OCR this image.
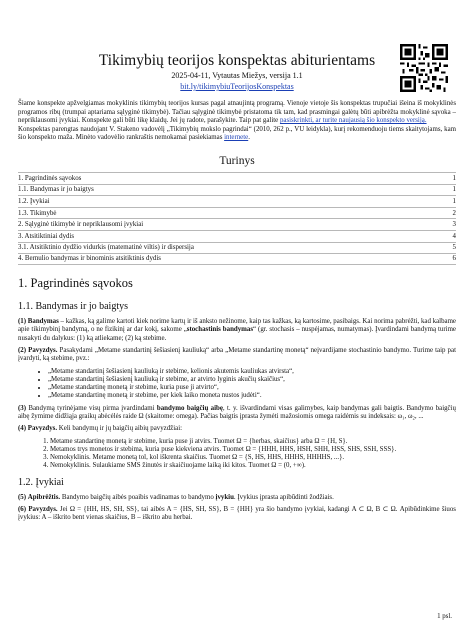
Tikimybių teorijos konspektas abiturientams
2025-04-11, Vytautas Miežys, versija 1.1
bit.ly/tikimybiuTeorijosKonspektas

Šiame konspekte apžvelgiamas mokyklinis tikimybių teorijos kursas pagal atnaujintą programą. Vienoje vietoje šis konspektas trupučiai išeina iš mokyklinės programos ribų (trumpai aptariama sąlyginė tikimybė). Tačiau sąlyginė tikimybė pristatoma tik tam, kad prasmingai galėtų būti apibrėžta mokyklinė sąvoka – nepriklausomi įvykiai. Konspekte gali būti likę klaidų. Jei jų radote, parašykite. Taip pat galite pasiskrinkti, ar turite naujausią šio konspekto versiją.

Konspektas parengtas naudojant V. Stakeno vadovėlį „Tikimybių mokslo pagrindai“ (2010, 262 p., VU leidykla), kurį rekomenduoju tiems skaitytojams, kam šio konspekto maža. Minėto vadovėlio rankraštis nemokamai pasiekiamas internete.

Turinys
1. Pagrindinės sąvokos	1
1.1. Bandymas ir jo baigtys	1
1.2. Įvykiai	1
1.3. Tikimybė	2
2. Sąlyginė tikimybė ir nepriklausomi įvykiai	3
3. Atsitiktiniai dydis	4
3.1. Atsitiktinio dydžio vidurkis (matematinė viltis) ir dispersija	5
4. Bernulio bandymas ir binominis atsitiktinis dydis	6
1. Pagrindinės sąvokos
1.1. Bandymas ir jo baigtys
(1) Bandymas – kažkas, ką galime kartoti kiek norime kartų ir iš anksto nežinome, kaip tas kažkas, ką kartosime, pasibaigs. Kai norima pabrėžti, kad kalbame apie tikimybinį bandymą, o ne fizikinį ar dar kokį, sakome „stochastinis bandymas“ (gr. stochasis – nuspėjamas, numatymas). Įvardindami bandymą turime nusakyti du dalykus: (1) ką atliekame; (2) ką stebime.
(2) Pavyzdys. Pasakydami „Metame standartinį šešiasienį kauliuką“ arba „Metame standartinę monetą“ neįvardijame stochastinio bandymo. Turime taip pat įvardyti, ką stebime, pvz.:
• „Metame standartinį šešiasienį kauliuką ir stebime, kelionis akutemis kauliukas atvirsta“,
• „Metame standartinį šešiasienį kauliuką ir stebime, ar atvirto lyginis akučių skaičius“,
• „Metame standartinę monetą ir stebime, kuria puse ji atvirto“,
• „Metame standartinę monetą ir stebime, per kiek laiko moneta nustos judėti“.
(3) Bandymą tyrinėjame visų pirma įvardindami bandymo baigčių aibę, t. y. išvardindami visas galimybes, kaip bandymas gali baigtis. Bandymo baigčių aibę žymime didžiąja graikų abėcėlės raide Ω (skaitome: omega). Pačias baigtis įprasta žymėti mažosiomis omega raidėmis su indeksais: ω₁, ω₂, ...
(4) Pavyzdys. Keli bandymų ir jų baigčių aibių pavyzdžiai:
1. Metame standartinę monetą ir stebime, kuria puse ji atvirs. Tuomet Ω = {herbas, skaičius} arba Ω = {H, S}.
2. Metamos trys monetos ir stebima, kuria puse kiekviena atvirs. Tuomet Ω = {HHH, HHS, HSH, SHH, HSS, SHS, SSH, SSS}.
3. Nemokyklinis. Metame monetą tol, kol iškrenta skaičius. Tuomet Ω = {S, HS, HHS, HHHS, HHHHS, ...}.
4. Nemokyklinis. Sulaukiame SMS žinutės ir skaičiuojame laiką iki kitos. Tuomet Ω = (0, +∞).
1.2. Įvykiai
(5) Apibrėžtis. Bandymo baigčių aibės poaibis vadinamas to bandymo įvykiu. Įvykius įprasta apibūdinti žodžiais.
(6) Pavyzdys. Jei Ω = {HH, HS, SH, SS}, tai aibės A = {HS, SH, SS}, B = {HH} yra šio bandymo įvykiai, kadangi A ⊂ Ω, B ⊂ Ω. Apibūdinkime šiuos įvykius: A – iškrito bent vienas skaičius, B – iškrito abu herbai.
1 psl.
